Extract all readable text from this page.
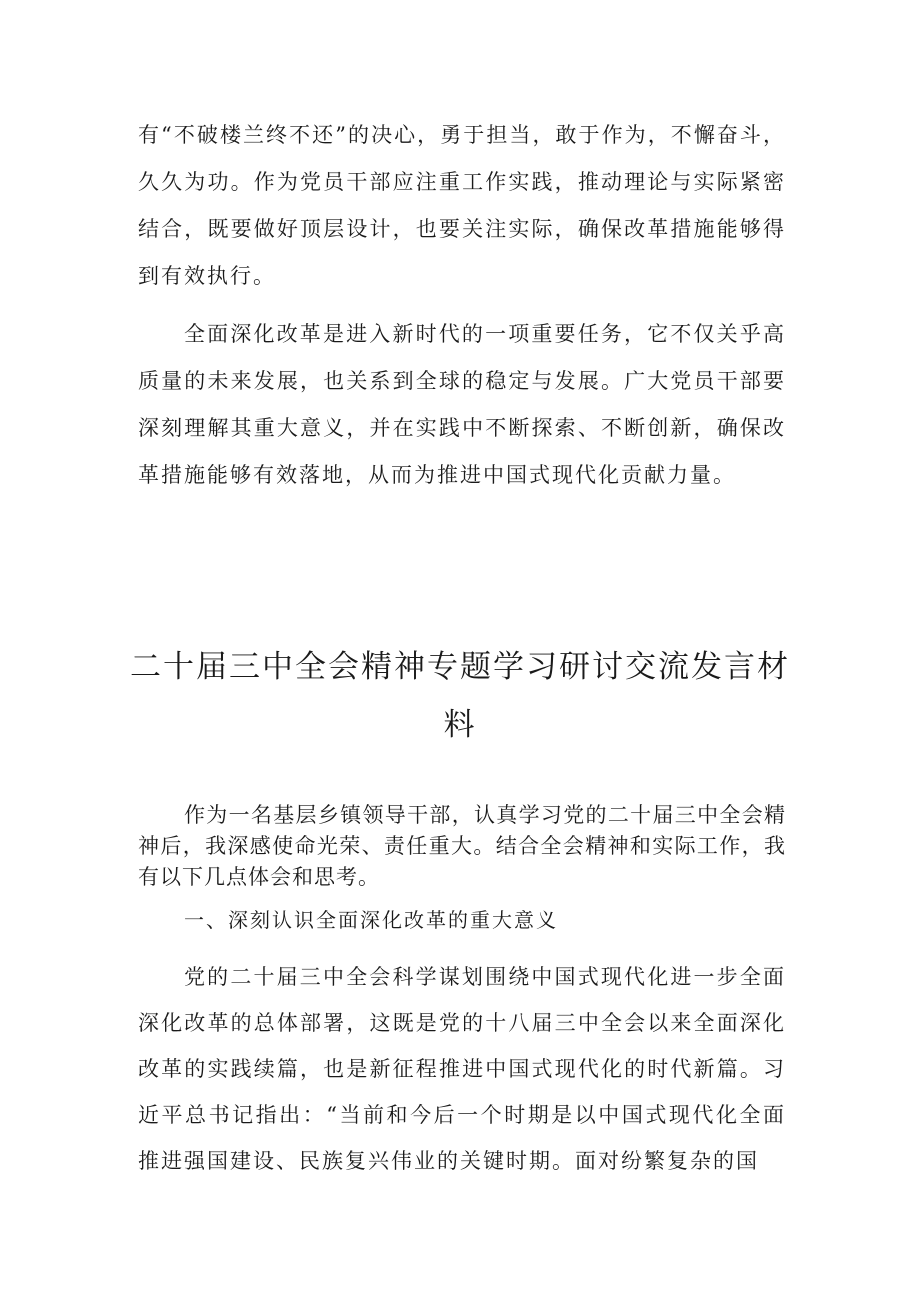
有“不破楼兰终不还”的决心，勇于担当，敢于作为，不懈奋斗，久久为功。作为党员干部应注重工作实践，推动理论与实际紧密结合，既要做好顶层设计，也要关注实际，确保改革措施能够得到有效执行。

全面深化改革是进入新时代的一项重要任务，它不仅关乎高质量的未来发展，也关系到全球的稳定与发展。广大党员干部要深刻理解其重大意义，并在实践中不断探索、不断创新，确保改革措施能够有效落地，从而为推进中国式现代化贡献力量。

二十届三中全会精神专题学习研讨交流发言材料

作为一名基层乡镇领导干部，认真学习党的二十届三中全会精神后，我深感使命光荣、责任重大。结合全会精神和实际工作，我有以下几点体会和思考。

一、深刻认识全面深化改革的重大意义

党的二十届三中全会科学谋划围绕中国式现代化进一步全面深化改革的总体部署，这既是党的十八届三中全会以来全面深化改革的实践续篇，也是新征程推进中国式现代化的时代新篇。习近平总书记指出：“当前和今后一个时期是以中国式现代化全面推进强国建设、民族复兴伟业的关键时期。面对纷繁复杂的国
